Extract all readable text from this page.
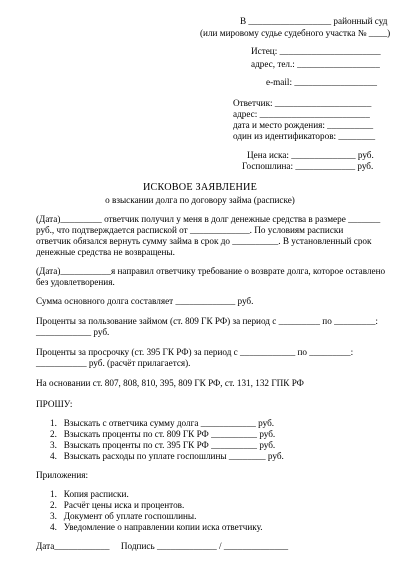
В __________________ районный суд
(или мировому судье судебного участка № ____)
Истец: ______________________
адрес, тел.: __________________
e-mail: __________________
Ответчик: _____________________
адрес: ________________________
дата и место рождения: __________
один из идентификаторов: ________
Цена иска: ______________ руб.
Госпошлина: _____________ руб.
ИСКОВОЕ ЗАЯВЛЕНИЕ
о взыскании долга по договору займа (расписке)
(Дата)_________ ответчик получил у меня в долг денежные средства в размере _______
руб., что подтверждается распиской от _____________. По условиям расписки
ответчик обязался вернуть сумму займа в срок до __________. В установленный срок
денежные средства не возвращены.
(Дата)___________я направил ответчику требование о возврате долга, которое оставлено
без удовлетворения.
Сумма основного долга составляет _____________ руб.
Проценты за пользование займом (ст. 809 ГК РФ) за период с _________ по _________:
____________ руб.
Проценты за просрочку (ст. 395 ГК РФ) за период с ____________ по _________:
___________ руб. (расчёт прилагается).
На основании ст. 807, 808, 810, 395, 809 ГК РФ, ст. 131, 132 ГПК РФ
ПРОШУ:
1.   Взыскать с ответчика сумму долга ____________ руб.
2.   Взыскать проценты по ст. 809 ГК РФ __________ руб.
3.   Взыскать проценты по ст. 395 ГК РФ __________ руб.
4.   Взыскать расходы по уплате госпошлины ________ руб.
Приложения:
1.   Копия расписки.
2.   Расчёт цены иска и процентов.
3.   Документ об уплате госпошлины.
4.   Уведомление о направлении копии иска ответчику.
Дата____________     Подпись _____________ / ______________
